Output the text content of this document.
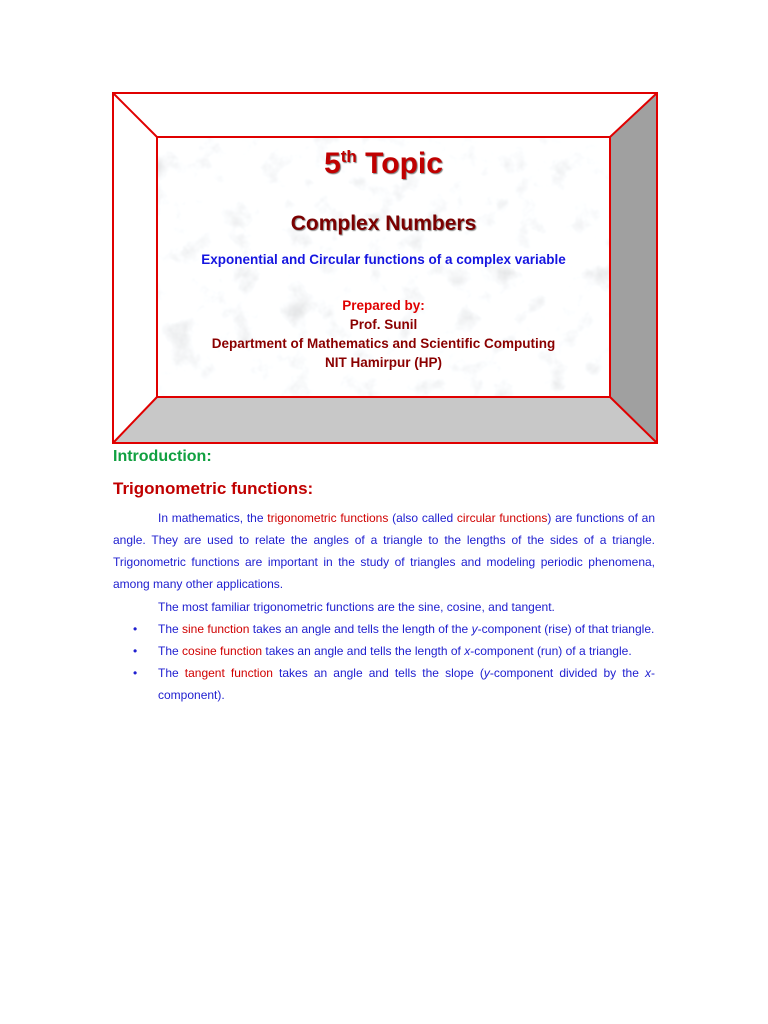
5th Topic
Complex Numbers
Exponential and Circular functions of a complex variable
Prepared by:
Prof. Sunil
Department of Mathematics and Scientific Computing
NIT Hamirpur (HP)
Introduction:
Trigonometric functions:
In mathematics, the trigonometric functions (also called circular functions) are functions of an angle. They are used to relate the angles of a triangle to the lengths of the sides of a triangle. Trigonometric functions are important in the study of triangles and modeling periodic phenomena, among many other applications.
The most familiar trigonometric functions are the sine, cosine, and tangent.
• The sine function takes an angle and tells the length of the y-component (rise) of that triangle.
• The cosine function takes an angle and tells the length of x-component (run) of a triangle.
• The tangent function takes an angle and tells the slope (y-component divided by the x-component).
